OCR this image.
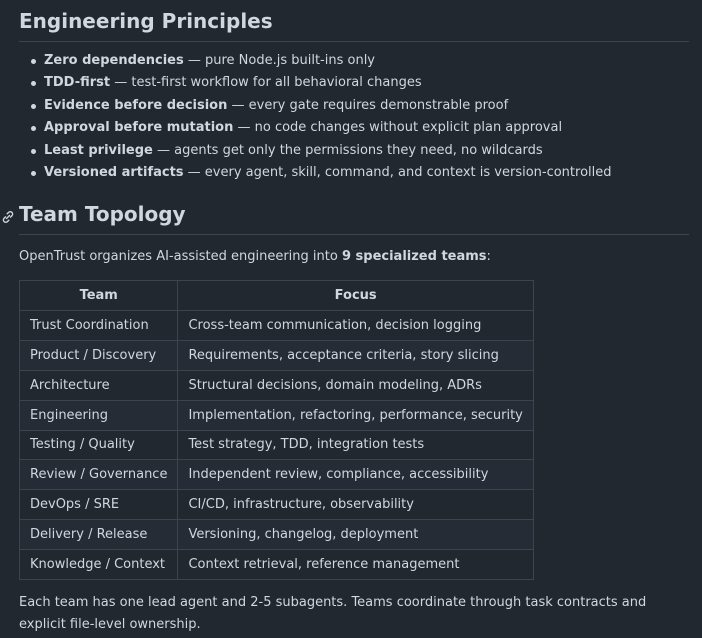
Engineering Principles
Zero dependencies — pure Node.js built-ins only
TDD-first — test-first workflow for all behavioral changes
Evidence before decision — every gate requires demonstrable proof
Approval before mutation — no code changes without explicit plan approval
Least privilege — agents get only the permissions they need, no wildcards
Versioned artifacts — every agent, skill, command, and context is version-controlled
Team Topology

OpenTrust organizes AI-assisted engineering into 9 specialized teams:

Team	Focus
Trust Coordination	Cross-team communication, decision logging
Product / Discovery	Requirements, acceptance criteria, story slicing
Architecture	Structural decisions, domain modeling, ADRs
Engineering	Implementation, refactoring, performance, security
Testing / Quality	Test strategy, TDD, integration tests
Review / Governance	Independent review, compliance, accessibility
DevOps / SRE	CI/CD, infrastructure, observability
Delivery / Release	Versioning, changelog, deployment
Knowledge / Context	Context retrieval, reference management

Each team has one lead agent and 2-5 subagents. Teams coordinate through task contracts and explicit file-level ownership.
